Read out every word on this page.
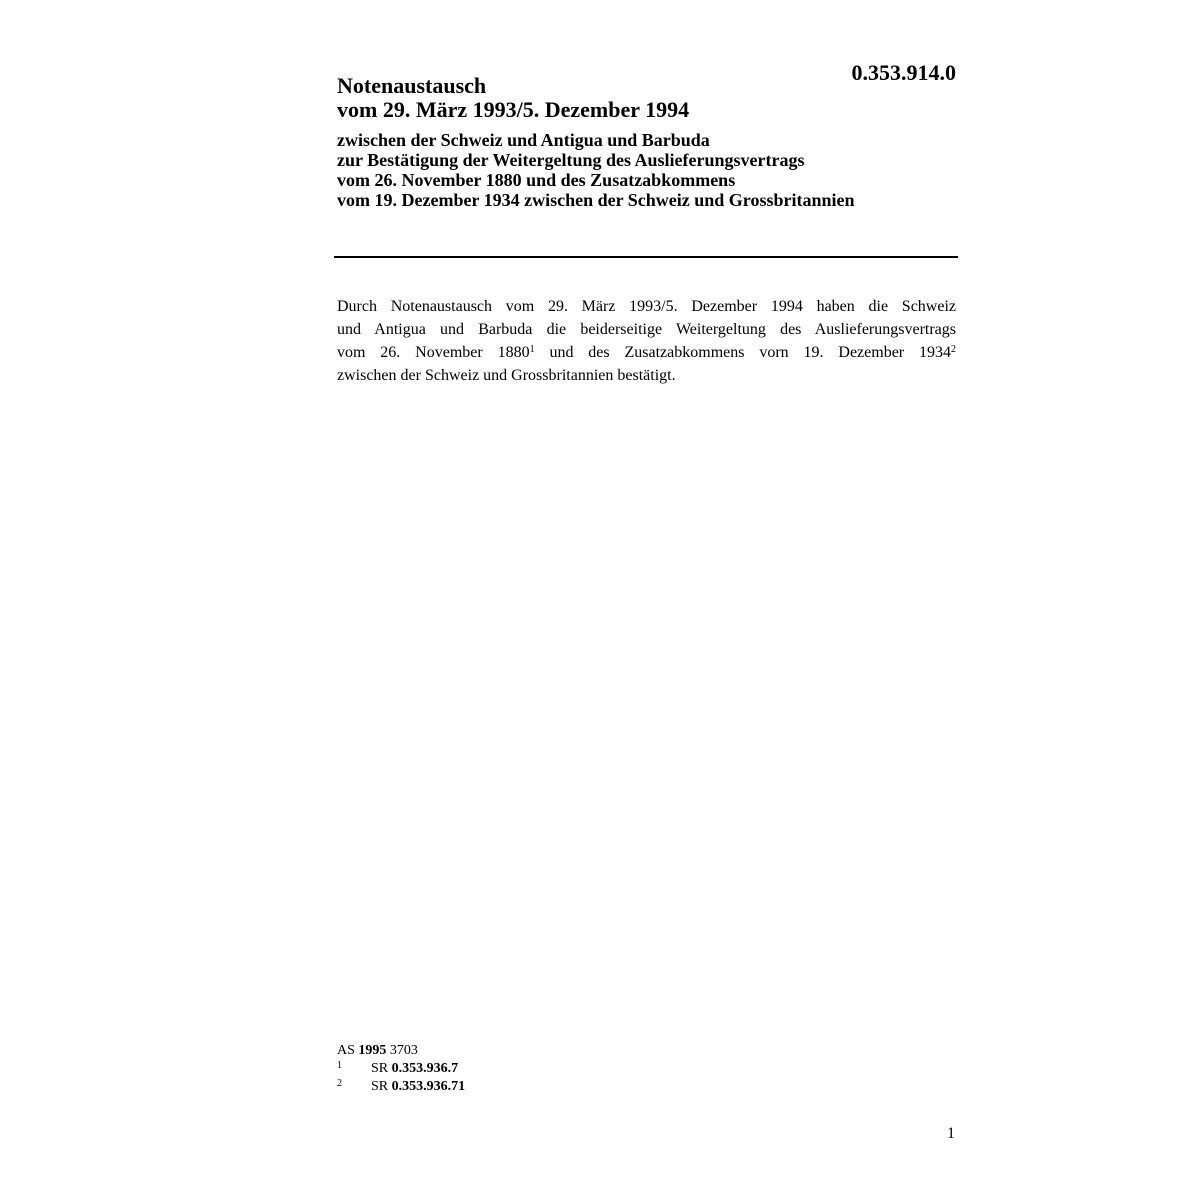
0.353.914.0
Notenaustausch
vom 29. März 1993/5. Dezember 1994
zwischen der Schweiz und Antigua und Barbuda
zur Bestätigung der Weitergeltung des Auslieferungsvertrags
vom 26. November 1880 und des Zusatzabkommens
vom 19. Dezember 1934 zwischen der Schweiz und Grossbritannien
Durch Notenaustausch vom 29. März 1993/5. Dezember 1994 haben die Schweiz
und Antigua und Barbuda die beiderseitige Weitergeltung des Auslieferungsvertrags
vom 26. November 1880$^1$ und des Zusatzabkommens vorn 19. Dezember 1934$^2$
zwischen der Schweiz und Grossbritannien bestätigt.
AS 1995 3703
1 SR 0.353.936.7
2 SR 0.353.936.71
1
